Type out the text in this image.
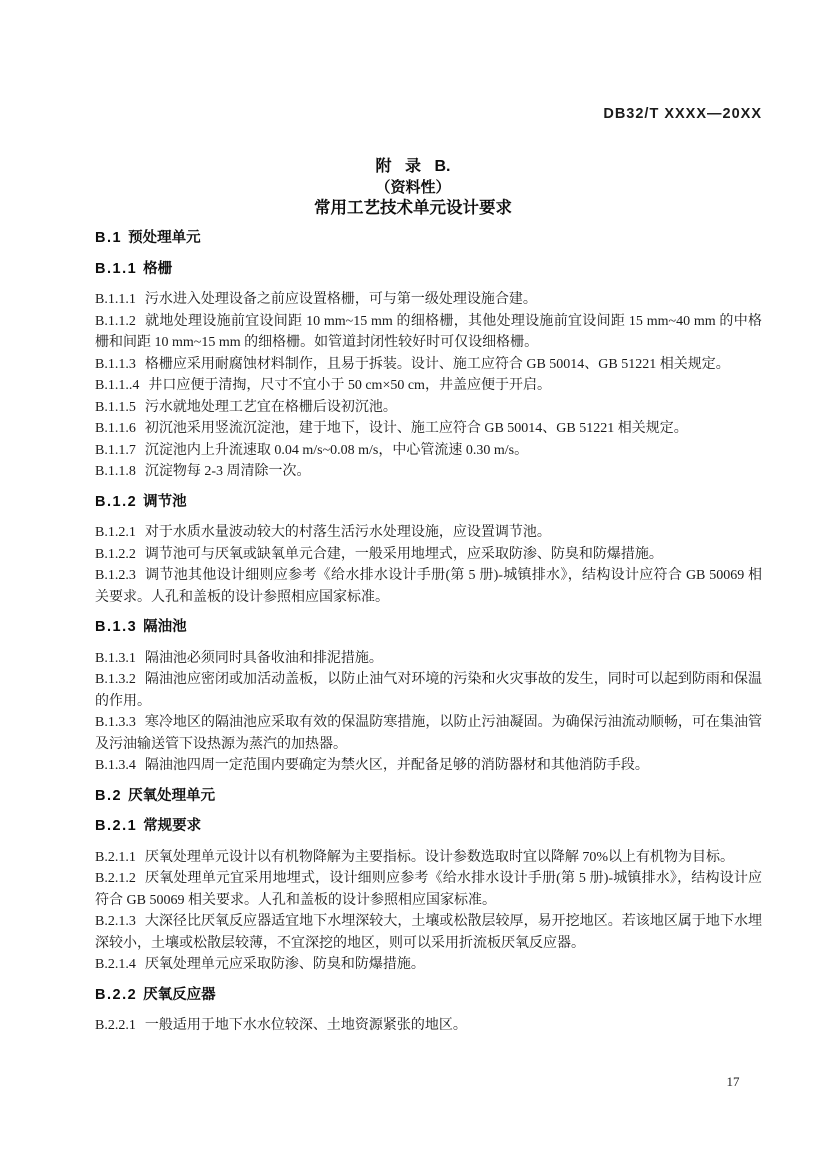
DB32/T XXXX—20XX
附 录 B.
（资料性）
常用工艺技术单元设计要求
B.1 预处理单元
B.1.1 格栅
B.1.1.1 污水进入处理设备之前应设置格栅，可与第一级处理设施合建。
B.1.1.2 就地处理设施前宜设间距 10 mm~15 mm 的细格栅，其他处理设施前宜设间距 15 mm~40 mm 的中格栅和间距 10 mm~15 mm 的细格栅。如管道封闭性较好时可仅设细格栅。
B.1.1.3 格栅应采用耐腐蚀材料制作，且易于拆装。设计、施工应符合 GB 50014、GB 51221 相关规定。
B.1.1..4 井口应便于清掏，尺寸不宜小于 50 cm×50 cm，井盖应便于开启。
B.1.1.5 污水就地处理工艺宜在格栅后设初沉池。
B.1.1.6 初沉池采用竖流沉淀池，建于地下，设计、施工应符合 GB 50014、GB 51221 相关规定。
B.1.1.7 沉淀池内上升流速取 0.04 m/s~0.08 m/s，中心管流速 0.30 m/s。
B.1.1.8 沉淀物每 2-3 周清除一次。
B.1.2 调节池
B.1.2.1 对于水质水量波动较大的村落生活污水处理设施，应设置调节池。
B.1.2.2 调节池可与厌氧或缺氧单元合建，一般采用地埋式，应采取防渗、防臭和防爆措施。
B.1.2.3 调节池其他设计细则应参考《给水排水设计手册(第 5 册)-城镇排水》，结构设计应符合 GB 50069 相关要求。人孔和盖板的设计参照相应国家标准。
B.1.3 隔油池
B.1.3.1 隔油池必须同时具备收油和排泥措施。
B.1.3.2 隔油池应密闭或加活动盖板，以防止油气对环境的污染和火灾事故的发生，同时可以起到防雨和保温的作用。
B.1.3.3 寒冷地区的隔油池应采取有效的保温防寒措施，以防止污油凝固。为确保污油流动顺畅，可在集油管及污油输送管下设热源为蒸汽的加热器。
B.1.3.4 隔油池四周一定范围内要确定为禁火区，并配备足够的消防器材和其他消防手段。
B.2 厌氧处理单元
B.2.1 常规要求
B.2.1.1 厌氧处理单元设计以有机物降解为主要指标。设计参数选取时宜以降解 70%以上有机物为目标。
B.2.1.2 厌氧处理单元宜采用地埋式，设计细则应参考《给水排水设计手册(第 5 册)-城镇排水》，结构设计应符合 GB 50069 相关要求。人孔和盖板的设计参照相应国家标准。
B.2.1.3 大深径比厌氧反应器适宜地下水埋深较大，土壤或松散层较厚，易开挖地区。若该地区属于地下水埋深较小，土壤或松散层较薄，不宜深挖的地区，则可以采用折流板厌氧反应器。
B.2.1.4 厌氧处理单元应采取防渗、防臭和防爆措施。
B.2.2 厌氧反应器
B.2.2.1 一般适用于地下水水位较深、土地资源紧张的地区。
17
